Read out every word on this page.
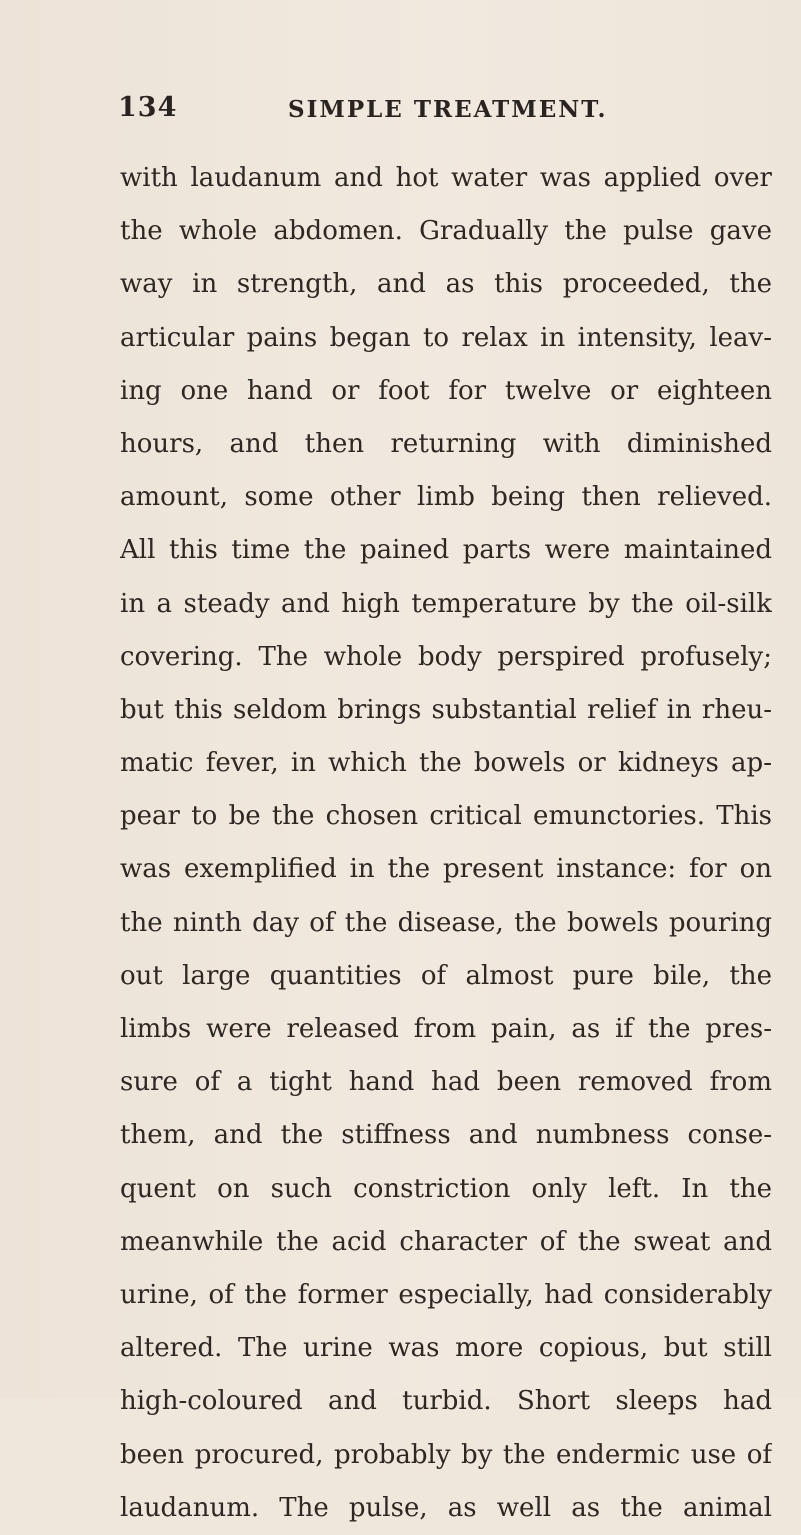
134	SIMPLE TREATMENT.
with laudanum and hot water was applied over
the whole abdomen. Gradually the pulse gave
way in strength, and as this proceeded, the
articular pains began to relax in intensity, leav-
ing one hand or foot for twelve or eighteen
hours, and then returning with diminished
amount, some other limb being then relieved.
All this time the pained parts were maintained
in a steady and high temperature by the oil-silk
covering. The whole body perspired profusely;
but this seldom brings substantial relief in rheu-
matic fever, in which the bowels or kidneys ap-
pear to be the chosen critical emunctories. This
was exemplified in the present instance: for on
the ninth day of the disease, the bowels pouring
out large quantities of almost pure bile, the
limbs were released from pain, as if the pres-
sure of a tight hand had been removed from
them, and the stiffness and numbness conse-
quent on such constriction only left. In the
meanwhile the acid character of the sweat and
urine, of the former especially, had considerably
altered. The urine was more copious, but still
high-coloured and turbid. Short sleeps had
been procured, probably by the endermic use of
laudanum. The pulse, as well as the animal
